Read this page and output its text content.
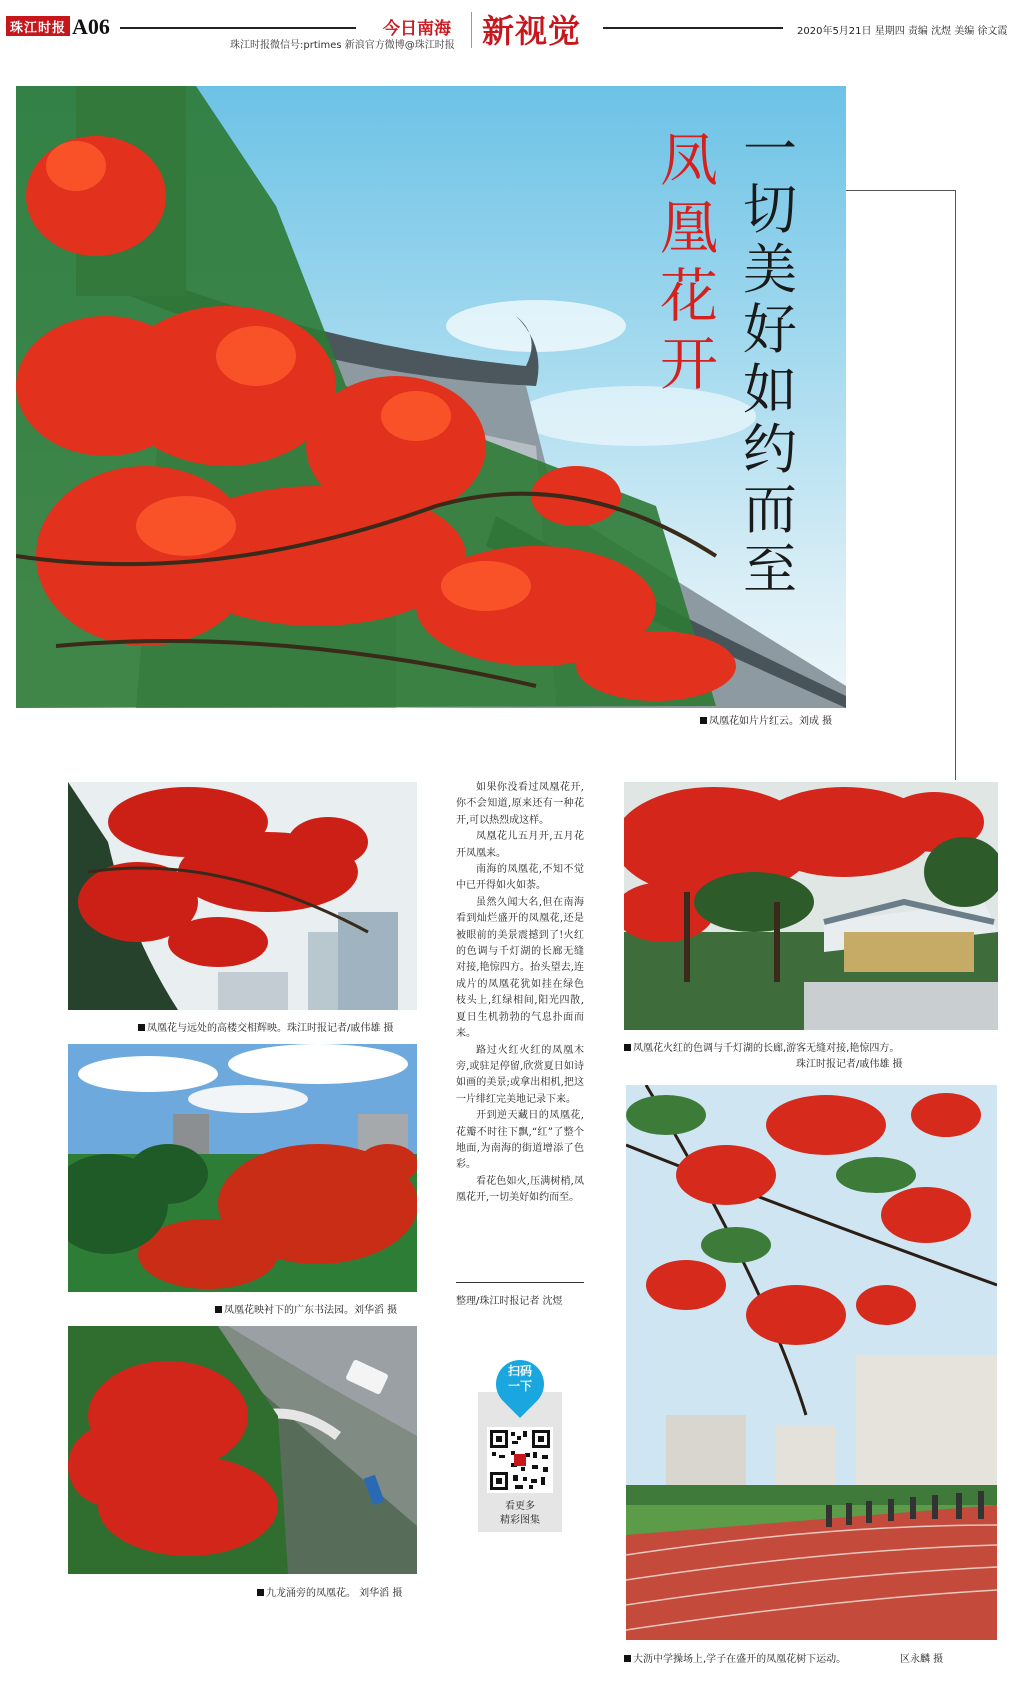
珠江时报 A06
珠江时报微信号:prtimes 新浪官方微博@珠江时报
今日南海 新视觉	2020年5月21日 星期四 责编 沈煜 美编 徐文霞
一切美好如约而至
凤凰花开
凤凰花如片片红云。刘成 摄
凤凰花与远处的高楼交相辉映。珠江时报记者/戚伟雄 摄
凤凰花映衬下的广东书法园。刘华滔 摄
九龙涌旁的凤凰花。 刘华滔 摄

如果你没看过凤凰花开,你不会知道,原来还有一种花开,可以热烈成这样。

凤凰花儿五月开,五月花开凤凰来。

南海的凤凰花,不知不觉中已开得如火如荼。

虽然久闻大名,但在南海看到灿烂盛开的凤凰花,还是被眼前的美景震撼到了!火红的色调与千灯湖的长廊无缝对接,艳惊四方。抬头望去,连成片的凤凰花犹如挂在绿色枝头上,红绿相间,阳光四散,夏日生机勃勃的气息扑面而来。

路过火红火红的凤凰木旁,或驻足停留,欣赏夏日如诗如画的美景;或拿出相机,把这一片绯红完美地记录下来。

开到逆天藏日的凤凰花,花瓣不时往下飘,“红”了整个地面,为南海的街道增添了色彩。

看花色如火,压满树梢,凤凰花开,一切美好如约而至。

整理/珠江时报记者 沈煜
扫码
一下
看更多
精彩图集
凤凰花火红的色调与千灯湖的长廊,游客无缝对接,艳惊四方。
珠江时报记者/戚伟雄 摄
大沥中学操场上,学子在盛开的凤凰花树下运动。	区永麟 摄
